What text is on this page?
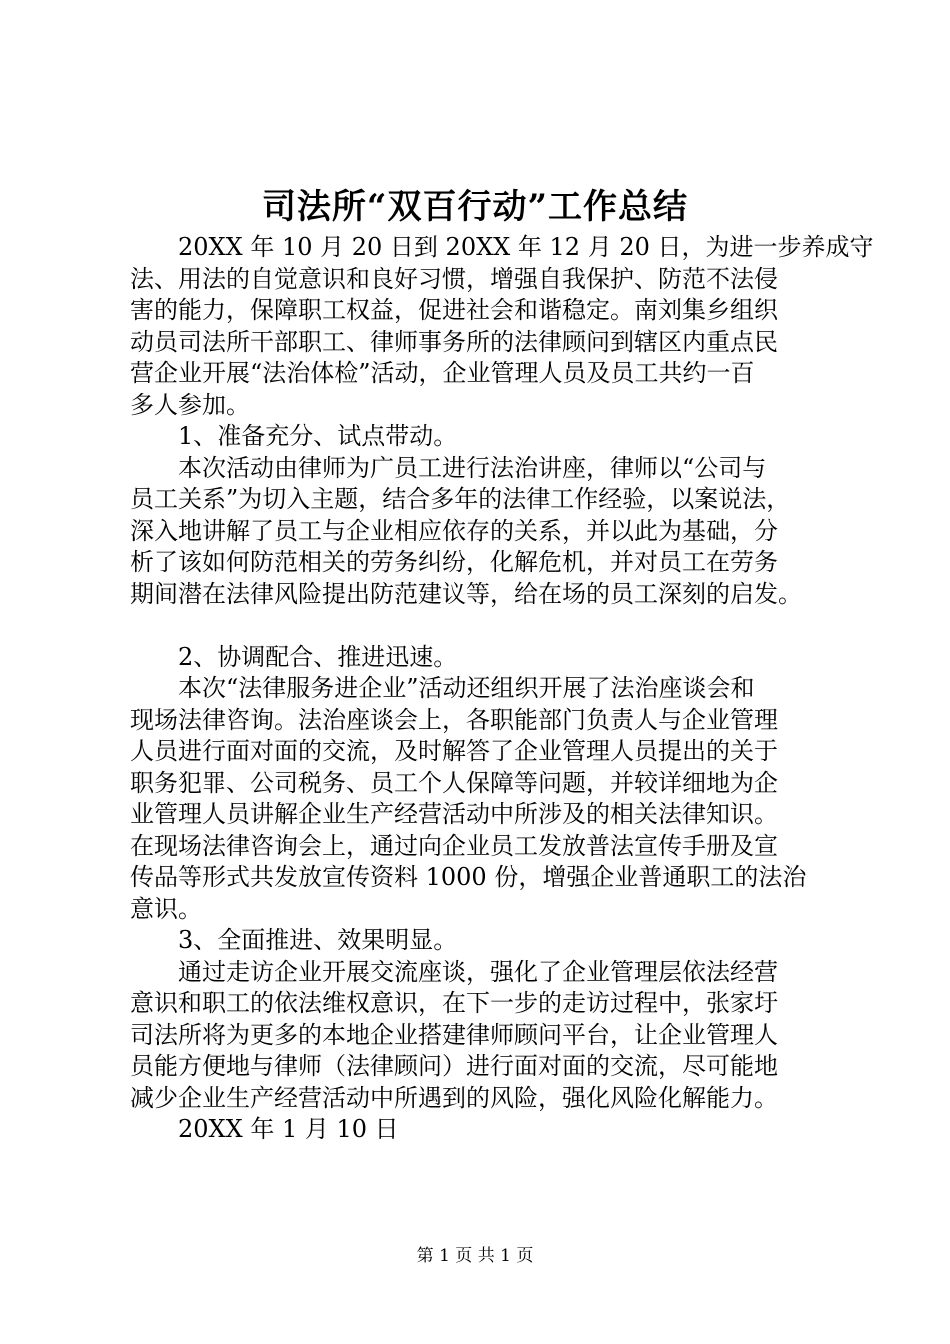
司法所“双百行动”工作总结
20XX 年 10 月 20 日到 20XX 年 12 月 20 日，为进一步养成守
法、用法的自觉意识和良好习惯，增强自我保护、防范不法侵
害的能力，保障职工权益，促进社会和谐稳定。南刘集乡组织
动员司法所干部职工、律师事务所的法律顾问到辖区内重点民
营企业开展“法治体检”活动，企业管理人员及员工共约一百
多人参加。
1、准备充分、试点带动。
本次活动由律师为广员工进行法治讲座，律师以“公司与
员工关系”为切入主题，结合多年的法律工作经验，以案说法，
深入地讲解了员工与企业相应依存的关系，并以此为基础，分
析了该如何防范相关的劳务纠纷，化解危机，并对员工在劳务
期间潜在法律风险提出防范建议等，给在场的员工深刻的启发。
2、协调配合、推进迅速。
本次“法律服务进企业”活动还组织开展了法治座谈会和
现场法律咨询。法治座谈会上，各职能部门负责人与企业管理
人员进行面对面的交流，及时解答了企业管理人员提出的关于
职务犯罪、公司税务、员工个人保障等问题，并较详细地为企
业管理人员讲解企业生产经营活动中所涉及的相关法律知识。
在现场法律咨询会上，通过向企业员工发放普法宣传手册及宣
传品等形式共发放宣传资料 1000 份，增强企业普通职工的法治
意识。
3、全面推进、效果明显。
通过走访企业开展交流座谈，强化了企业管理层依法经营
意识和职工的依法维权意识，在下一步的走访过程中，张家圩
司法所将为更多的本地企业搭建律师顾问平台，让企业管理人
员能方便地与律师（法律顾问）进行面对面的交流，尽可能地
减少企业生产经营活动中所遇到的风险，强化风险化解能力。
20XX 年 1 月 10 日
第 1 页 共 1 页
